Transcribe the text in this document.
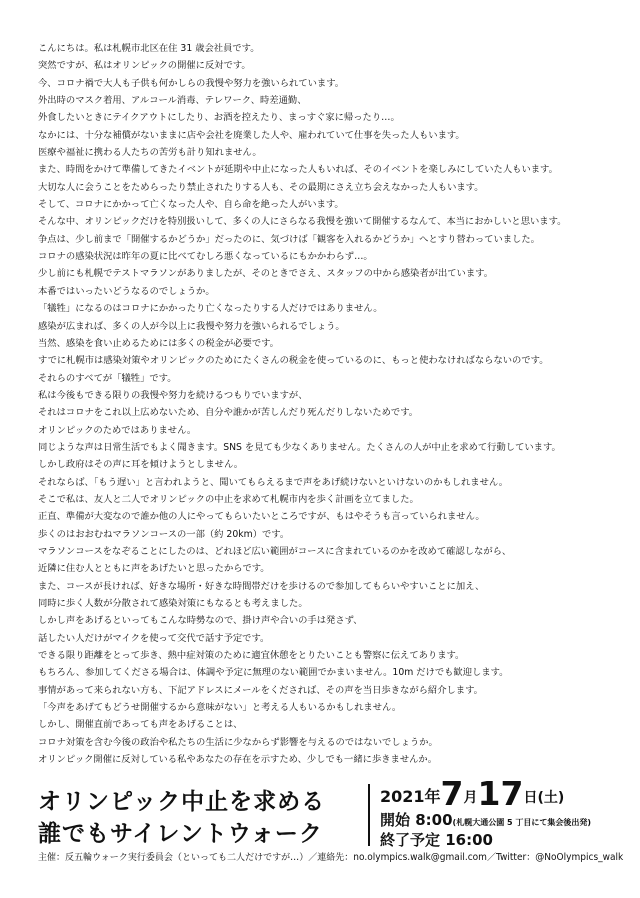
こんにちは。私は札幌市北区在住 31 歳会社員です。
突然ですが、私はオリンピックの開催に反対です。
今、コロナ禍で大人も子供も何かしらの我慢や努力を強いられています。
外出時のマスク着用、アルコール消毒、テレワーク、時差通勤、
外食したいときにテイクアウトにしたり、お酒を控えたり、まっすぐ家に帰ったり…。
なかには、十分な補償がないままに店や会社を廃業した人や、雇われていて仕事を失った人もいます。
医療や福祉に携わる人たちの苦労も計り知れません。
また、時間をかけて準備してきたイベントが延期や中止になった人もいれば、そのイベントを楽しみにしていた人もいます。
大切な人に会うことをためらったり禁止されたりする人も、その最期にさえ立ち会えなかった人もいます。
そして、コロナにかかって亡くなった人や、自ら命を絶った人がいます。
そんな中、オリンピックだけを特別扱いして、多くの人にさらなる我慢を強いて開催するなんて、本当におかしいと思います。
争点は、少し前まで「開催するかどうか」だったのに、気づけば「観客を入れるかどうか」へとすり替わっていました。
コロナの感染状況は昨年の夏に比べてむしろ悪くなっているにもかかわらず…。
少し前にも札幌でテストマラソンがありましたが、そのときでさえ、スタッフの中から感染者が出ています。
本番ではいったいどうなるのでしょうか。
「犠牲」になるのはコロナにかかったり亡くなったりする人だけではありません。
感染が広まれば、多くの人が今以上に我慢や努力を強いられるでしょう。
当然、感染を食い止めるためには多くの税金が必要です。
すでに札幌市は感染対策やオリンピックのためにたくさんの税金を使っているのに、もっと使わなければならないのです。
それらのすべてが「犠牲」です。
私は今後もできる限りの我慢や努力を続けるつもりでいますが、
それはコロナをこれ以上広めないため、自分や誰かが苦しんだり死んだりしないためです。
オリンピックのためではありません。
同じような声は日常生活でもよく聞きます。SNS を見ても少なくありません。たくさんの人が中止を求めて行動しています。
しかし政府はその声に耳を傾けようとしません。
それならば、「もう遅い」と言われようと、聞いてもらえるまで声をあげ続けないといけないのかもしれません。
そこで私は、友人と二人でオリンピックの中止を求めて札幌市内を歩く計画を立てました。
正直、準備が大変なので誰か他の人にやってもらいたいところですが、もはやそうも言っていられません。
歩くのはおおむねマラソンコースの一部（約 20km）です。
マラソンコースをなぞることにしたのは、どれほど広い範囲がコースに含まれているのかを改めて確認しながら、
近隣に住む人とともに声をあげたいと思ったからです。
また、コースが長ければ、好きな場所・好きな時間帯だけを歩けるので参加してもらいやすいことに加え、
同時に歩く人数が分散されて感染対策にもなるとも考えました。
しかし声をあげるといってもこんな時勢なので、掛け声や合いの手は発さず、
話したい人だけがマイクを使って交代で話す予定です。
できる限り距離をとって歩き、熱中症対策のために適宜休憩をとりたいことも警察に伝えてあります。
もちろん、参加してくださる場合は、体調や予定に無理のない範囲でかまいません。10m だけでも歓迎します。
事情があって来られない方も、下記アドレスにメールをくだされば、その声を当日歩きながら紹介します。
「今声をあげてもどうせ開催するから意味がない」と考える人もいるかもしれません。
しかし、開催直前であっても声をあげることは、
コロナ対策を含む今後の政治や私たちの生活に少なからず影響を与えるのではないでしょうか。
オリンピック開催に反対している私やあなたの存在を示すため、少しでも一緒に歩きませんか。
オリンピック中止を求める
誰でもサイレントウォーク
2021年7月17日(土)
開始 8:00(札幌大通公園 5 丁目にて集会後出発)
終了予定 16:00
主催：反五輪ウォーク実行委員会（といっても二人だけですが…）／連絡先：no.olympics.walk@gmail.com／Twitter：@NoOlympics_walk
